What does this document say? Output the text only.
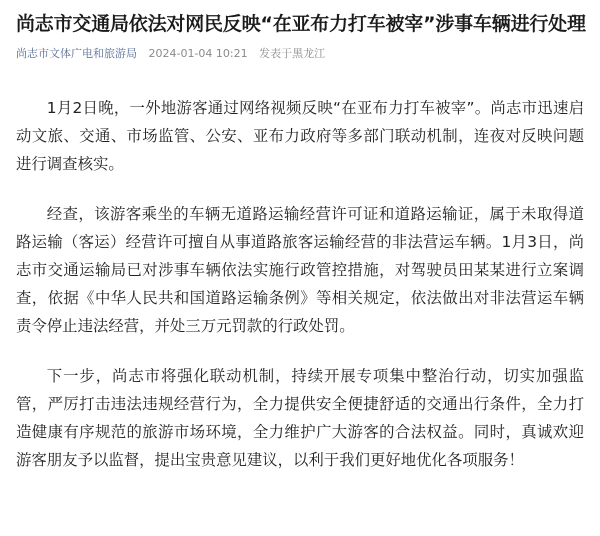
尚志市交通局依法对网民反映“在亚布力打车被宰”涉事车辆进行处理
尚志市文体广电和旅游局 2024-01-04 10:21 发表于黑龙江

1月2日晚，一外地游客通过网络视频反映“在亚布力打车被宰”。尚志市迅速启动文旅、交通、市场监管、公安、亚布力政府等多部门联动机制，连夜对反映问题进行调查核实。

经查，该游客乘坐的车辆无道路运输经营许可证和道路运输证，属于未取得道路运输（客运）经营许可擅自从事道路旅客运输经营的非法营运车辆。1月3日，尚志市交通运输局已对涉事车辆依法实施行政管控措施，对驾驶员田某某进行立案调查，依据《中华人民共和国道路运输条例》等相关规定，依法做出对非法营运车辆责令停止违法经营，并处三万元罚款的行政处罚。

下一步，尚志市将强化联动机制，持续开展专项集中整治行动，切实加强监管，严厉打击违法违规经营行为，全力提供安全便捷舒适的交通出行条件，全力打造健康有序规范的旅游市场环境，全力维护广大游客的合法权益。同时，真诚欢迎游客朋友予以监督，提出宝贵意见建议，以利于我们更好地优化各项服务！
